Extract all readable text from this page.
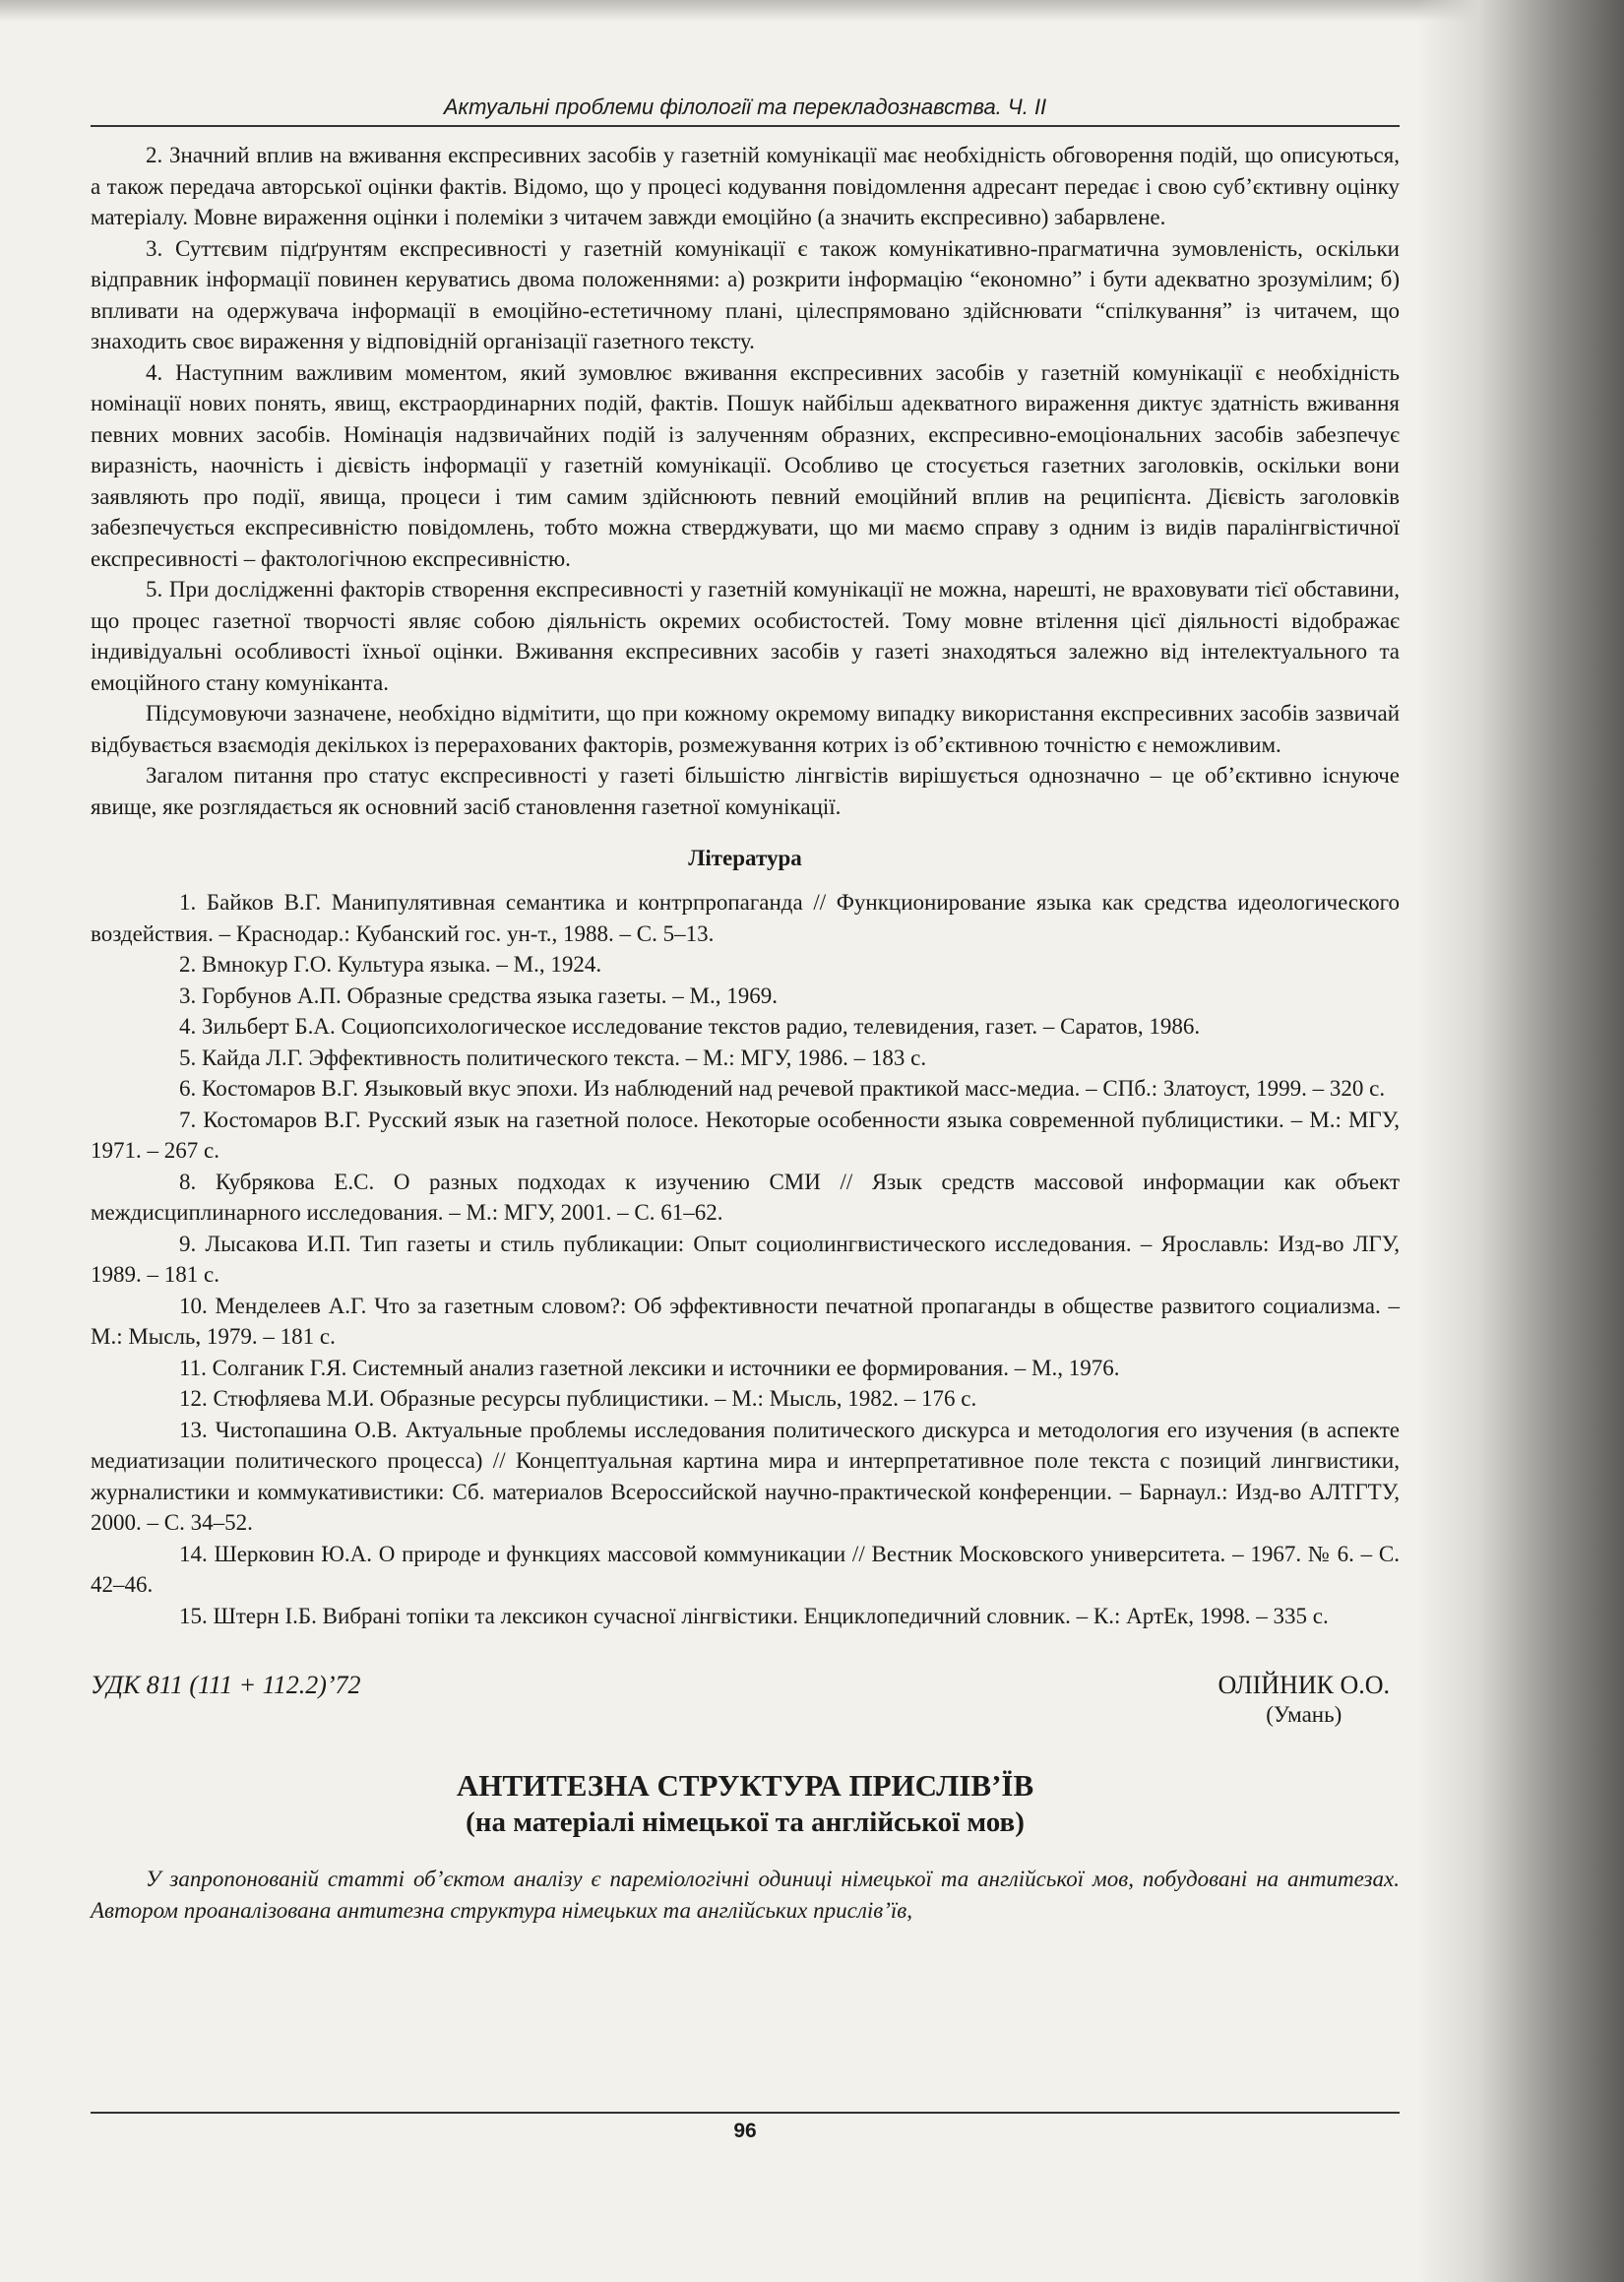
Актуальні проблеми філології та перекладознавства. Ч. ІІ

2. Значний вплив на вживання експресивних засобів у газетній комунікації має необхідність обговорення подій, що описуються, а також передача авторської оцінки фактів. Відомо, що у процесі кодування повідомлення адресант передає і свою суб’єктивну оцінку матеріалу. Мовне вираження оцінки і полеміки з читачем завжди емоційно (а значить експресивно) забарвлене.

3. Суттєвим підґрунтям експресивності у газетній комунікації є також комунікативно-прагматична зумовленість, оскільки відправник інформації повинен керуватись двома положеннями: а) розкрити інформацію “економно” і бути адекватно зрозумілим; б) впливати на одержувача інформації в емоційно-естетичному плані, цілеспрямовано здійснювати “спілкування” із читачем, що знаходить своє вираження у відповідній організації газетного тексту.

4. Наступним важливим моментом, який зумовлює вживання експресивних засобів у газетній комунікації є необхідність номінації нових понять, явищ, екстраординарних подій, фактів. Пошук найбільш адекватного вираження диктує здатність вживання певних мовних засобів. Номінація надзвичайних подій із залученням образних, експресивно-емоціональних засобів забезпечує виразність, наочність і дієвість інформації у газетній комунікації. Особливо це стосується газетних заголовків, оскільки вони заявляють про події, явища, процеси і тим самим здійснюють певний емоційний вплив на реципієнта. Дієвість заголовків забезпечується експресивністю повідомлень, тобто можна стверджувати, що ми маємо справу з одним із видів паралінгвістичної експресивності – фактологічною експресивністю.

5. При дослідженні факторів створення експресивності у газетній комунікації не можна, нарешті, не враховувати тієї обставини, що процес газетної творчості являє собою діяльність окремих особистостей. Тому мовне втілення цієї діяльності відображає індивідуальні особливості їхньої оцінки. Вживання експресивних засобів у газеті знаходяться залежно від інтелектуального та емоційного стану комуніканта.

Підсумовуючи зазначене, необхідно відмітити, що при кожному окремому випадку використання експресивних засобів зазвичай відбувається взаємодія декількох із перерахованих факторів, розмежування котрих із об’єктивною точністю є неможливим.

Загалом питання про статус експресивності у газеті більшістю лінгвістів вирішується однозначно – це об’єктивно існуюче явище, яке розглядається як основний засіб становлення газетної комунікації.

Література
1. Байков В.Г. Манипулятивная семантика и контрпропаганда // Функционирование языка как средства идеологического воздействия. – Краснодар.: Кубанский гос. ун-т., 1988. – С. 5–13.
2. Вмнокур Г.О. Культура языка. – М., 1924.
3. Горбунов А.П. Образные средства языка газеты. – М., 1969.
4. Зильберт Б.А. Социопсихологическое исследование текстов радио, телевидения, газет. – Саратов, 1986.
5. Кайда Л.Г. Эффективность политического текста. – М.: МГУ, 1986. – 183 с.
6. Костомаров В.Г. Языковый вкус эпохи. Из наблюдений над речевой практикой масс-медиа. – СПб.: Златоуст, 1999. – 320 с.
7. Костомаров В.Г. Русский язык на газетной полосе. Некоторые особенности языка современной публицистики. – М.: МГУ, 1971. – 267 с.
8. Кубрякова Е.С. О разных подходах к изучению СМИ // Язык средств массовой информации как объект междисциплинарного исследования. – М.: МГУ, 2001. – С. 61–62.
9. Лысакова И.П. Тип газеты и стиль публикации: Опыт социолингвистического исследования. – Ярославль: Изд-во ЛГУ, 1989. – 181 с.
10. Менделеев А.Г. Что за газетным словом?: Об эффективности печатной пропаганды в обществе развитого социализма. – М.: Мысль, 1979. – 181 с.
11. Солганик Г.Я. Системный анализ газетной лексики и источники ее формирования. – М., 1976.
12. Стюфляева М.И. Образные ресурсы публицистики. – М.: Мысль, 1982. – 176 с.
13. Чистопашина О.В. Актуальные проблемы исследования политического дискурса и методология его изучения (в аспекте медиатизации политического процесса) // Концептуальная картина мира и интерпретативное поле текста с позиций лингвистики, журналистики и коммукативистики: Сб. материалов Всероссийской научно-практической конференции. – Барнаул.: Изд-во АЛТГТУ, 2000. – С. 34–52.
14. Шерковин Ю.А. О природе и функциях массовой коммуникации // Вестник Московского университета. – 1967. № 6. – С. 42–46.
15. Штерн І.Б. Вибрані топіки та лексикон сучасної лінгвістики. Енциклопедичний словник. – К.: АртЕк, 1998. – 335 с.
УДК 811 (111 + 112.2)’72	ОЛІЙНИК О.О.
(Умань)
АНТИТЕЗНА СТРУКТУРА ПРИСЛІВ’ЇВ
(на матеріалі німецької та англійської мов)

У запропонованій статті об’єктом аналізу є пареміологічні одиниці німецької та англійської мов, побудовані на антитезах. Автором проаналізована антитезна структура німецьких та англійських прислів’їв,

96
